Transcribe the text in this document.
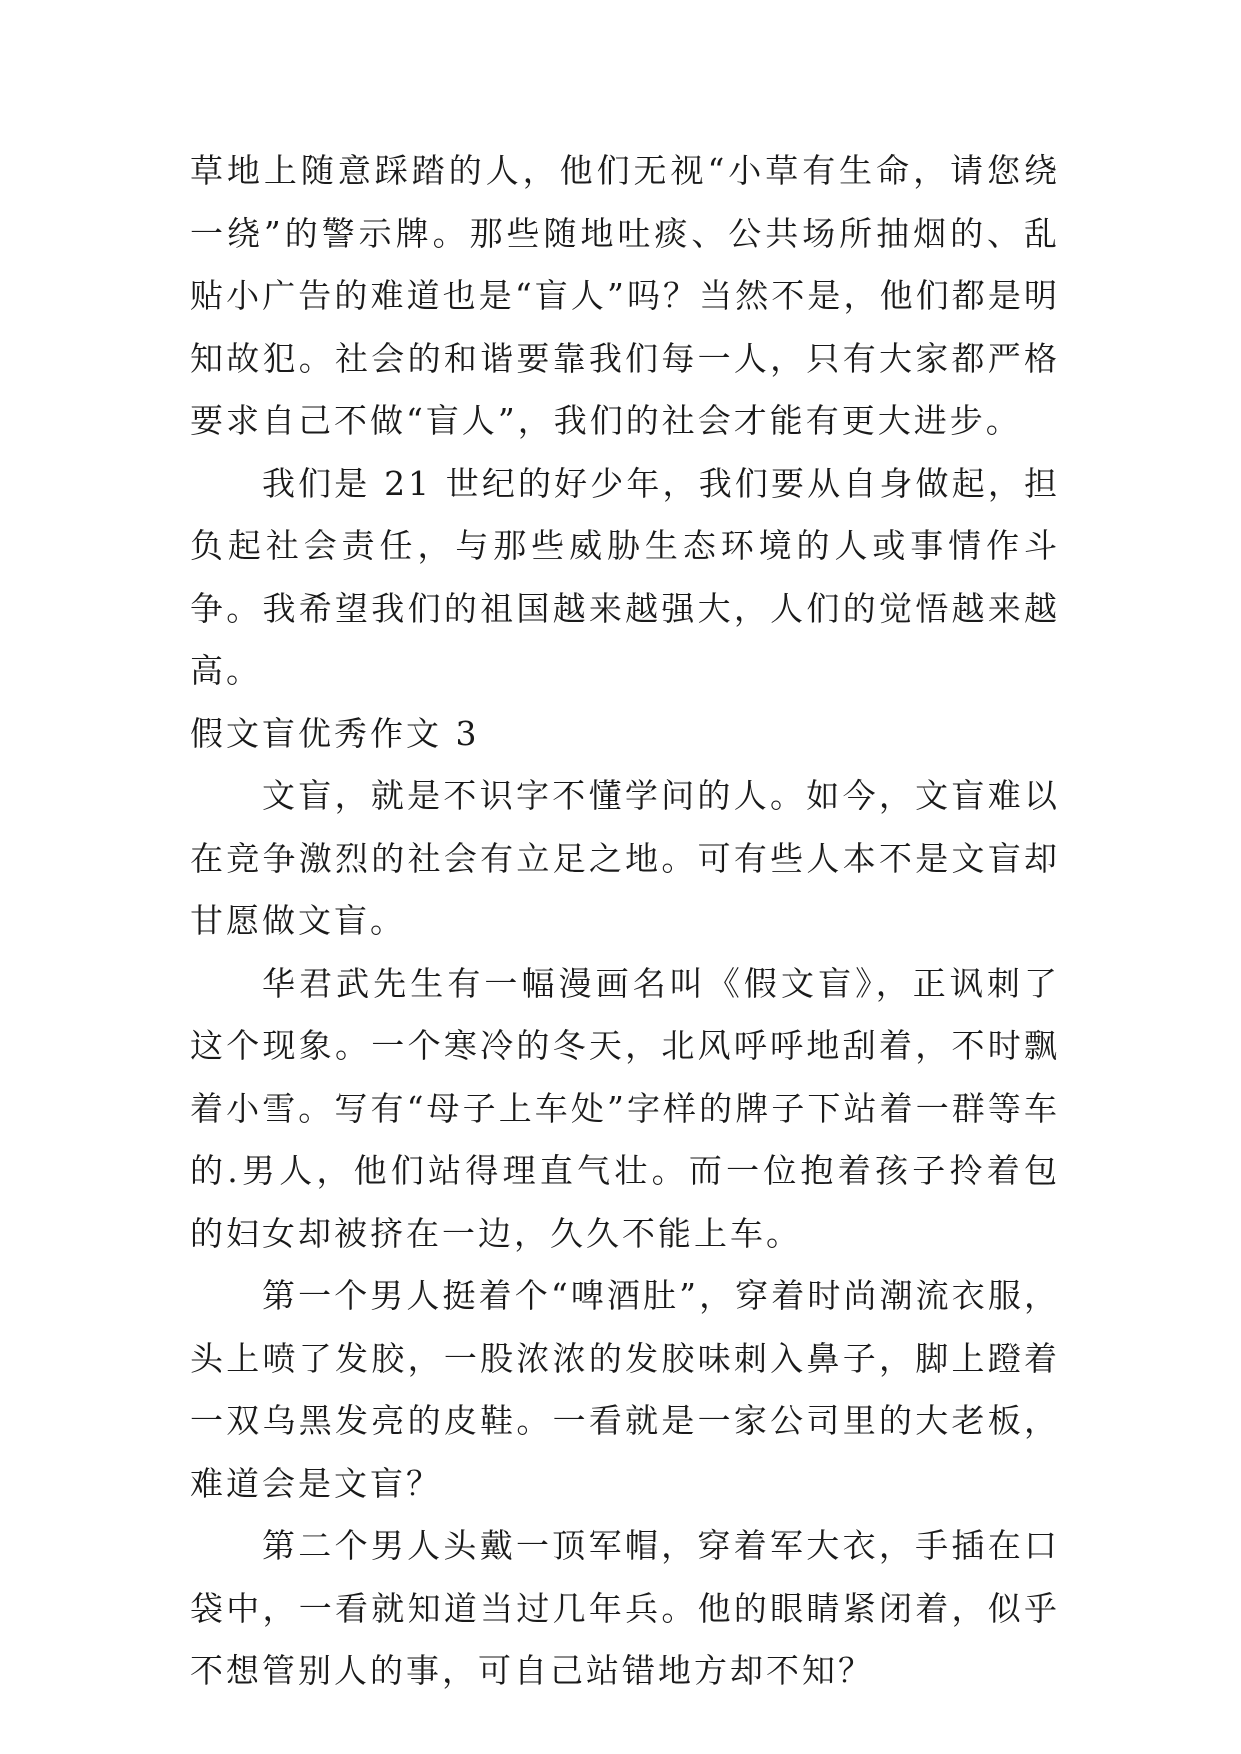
草地上随意踩踏的人，他们无视“小草有生命，请您绕一绕”的警示牌。那些随地吐痰、公共场所抽烟的、乱贴小广告的难道也是“盲人”吗？当然不是，他们都是明知故犯。社会的和谐要靠我们每一人，只有大家都严格要求自己不做“盲人”，我们的社会才能有更大进步。

我们是 21 世纪的好少年，我们要从自身做起，担负起社会责任，与那些威胁生态环境的人或事情作斗争。我希望我们的祖国越来越强大，人们的觉悟越来越高。

假文盲优秀作文 3

文盲，就是不识字不懂学问的人。如今，文盲难以在竞争激烈的社会有立足之地。可有些人本不是文盲却甘愿做文盲。

华君武先生有一幅漫画名叫《假文盲》，正讽刺了这个现象。一个寒冷的冬天，北风呼呼地刮着，不时飘着小雪。写有“母子上车处”字样的牌子下站着一群等车的.男人，他们站得理直气壮。而一位抱着孩子拎着包的妇女却被挤在一边，久久不能上车。

第一个男人挺着个“啤酒肚”，穿着时尚潮流衣服，头上喷了发胶，一股浓浓的发胶味刺入鼻子，脚上蹬着一双乌黑发亮的皮鞋。一看就是一家公司里的大老板，难道会是文盲？

第二个男人头戴一顶军帽，穿着军大衣，手插在口袋中，一看就知道当过几年兵。他的眼睛紧闭着，似乎不想管别人的事，可自己站错地方却不知？
